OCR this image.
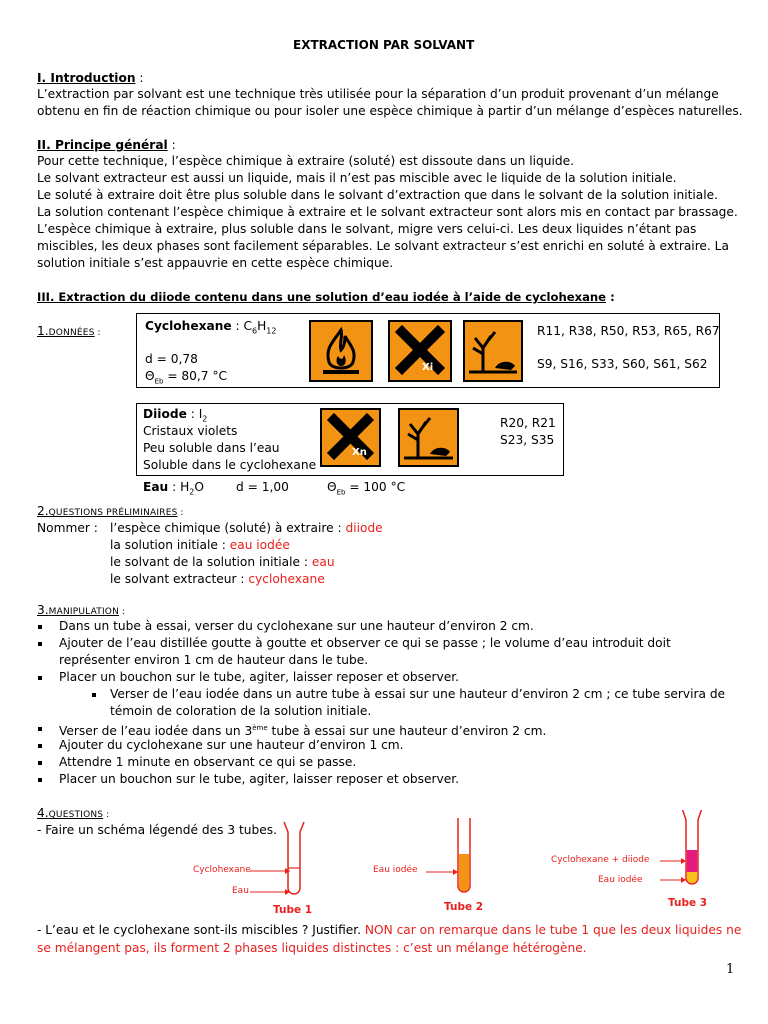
EXTRACTION PAR SOLVANT
I. Introduction :
L’extraction par solvant est une technique très utilisée pour la séparation d’un produit provenant d’un mélange
obtenu en fin de réaction chimique ou pour isoler une espèce chimique à partir d’un mélange d’espèces naturelles.
II. Principe général :
Pour cette technique, l’espèce chimique à extraire (soluté) est dissoute dans un liquide.
Le solvant extracteur est aussi un liquide, mais il n’est pas miscible avec le liquide de la solution initiale.
Le soluté à extraire doit être plus soluble dans le solvant d’extraction que dans le solvant de la solution initiale.
La solution contenant l’espèce chimique à extraire et le solvant extracteur sont alors mis en contact par brassage.
L’espèce chimique à extraire, plus soluble dans le solvant, migre vers celui-ci. Les deux liquides n’étant pas
miscibles, les deux phases sont facilement séparables. Le solvant extracteur s’est enrichi en soluté à extraire. La
solution initiale s’est appauvrie en cette espèce chimique.
III. Extraction du diiode contenu dans une solution d’eau iodée à l’aide de cyclohexane :
1.DONNÉES :	Cyclohexane : $C_6H_{12}$
d = 0,78
$\Theta_{Eb} = 80,7$ °C
Xi
R11, R38, R50, R53, R65, R67
S9, S16, S33, S60, S61, S62
Diiode : $I_2$
Cristaux violets
Peu soluble dans l’eau
Soluble dans le cyclohexane
Xn
R20, R21
S23, S35
Eau : $H_2O$	d = 1,00	$\Theta_{Eb} = 100$ °C
2.QUESTIONS PRÉLIMINAIRES :
Nommer : l’espèce chimique (soluté) à extraire : diiode
la solution initiale : eau iodée
le solvant de la solution initiale : eau
le solvant extracteur : cyclohexane
3.MANIPULATION :
Dans un tube à essai, verser du cyclohexane sur une hauteur d’environ 2 cm.
Ajouter de l’eau distillée goutte à goutte et observer ce qui se passe ; le volume d’eau introduit doit
représenter environ 1 cm de hauteur dans le tube.
Placer un bouchon sur le tube, agiter, laisser reposer et observer.
Verser de l’eau iodée dans un autre tube à essai sur une hauteur d’environ 2 cm ; ce tube servira de
témoin de coloration de la solution initiale.
Verser de l’eau iodée dans un 3ème tube à essai sur une hauteur d’environ 2 cm.
Ajouter du cyclohexane sur une hauteur d’environ 1 cm.
Attendre 1 minute en observant ce qui se passe.
Placer un bouchon sur le tube, agiter, laisser reposer et observer.
4.QUESTIONS :
- Faire un schéma légendé des 3 tubes.
Cyclohexane
Eau
Tube 1
Eau iodée
Tube 2
Cyclohexane + diiode
Eau iodée
Tube 3
- L’eau et le cyclohexane sont-ils miscibles ? Justifier. NON car on remarque dans le tube 1 que les deux liquides ne
se mélangent pas, ils forment 2 phases liquides distinctes : c’est un mélange hétérogène.
1
